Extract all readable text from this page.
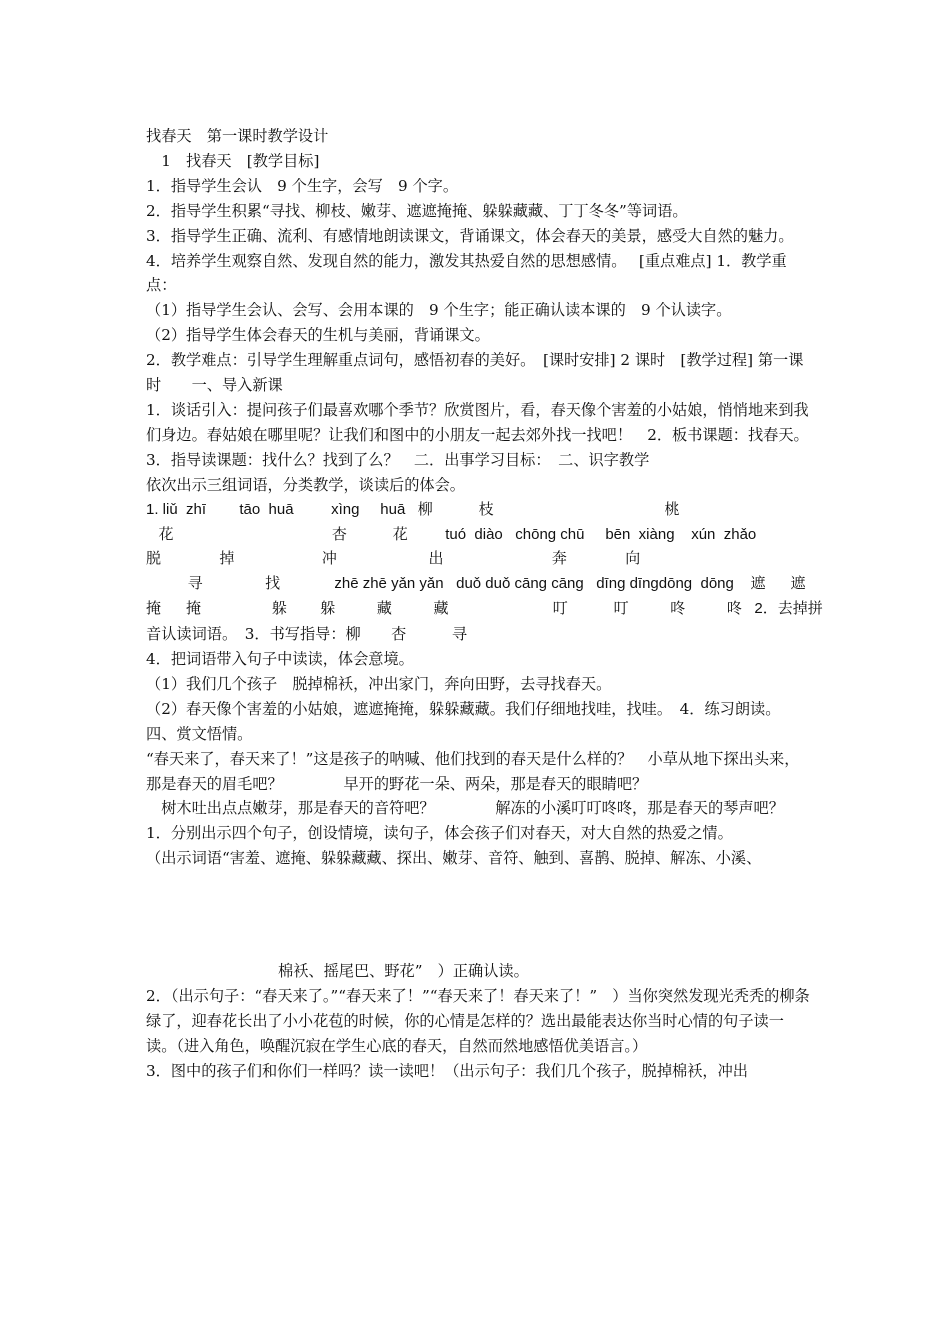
找春天　第一课时教学设计
　1　找春天　[教学目标]
1．指导学生会认　9 个生字，会写　9 个字。
2．指导学生积累“寻找、柳枝、嫩芽、遮遮掩掩、躲躲藏藏、丁丁冬冬”等词语。
3．指导学生正确、流利、有感情地朗读课文，背诵课文，体会春天的美景，感受大自然的魅力。
4．培养学生观察自然、发现自然的能力，激发其热爱自然的思想感情。　 [重点难点] 1．教学重点：
（1）指导学生会认、会写、会用本课的　9 个生字；能正确认读本课的　9 个认读字。
（2）指导学生体会春天的生机与美丽，背诵课文。
2．教学难点：引导学生理解重点词句，感悟初春的美好。　[课时安排] 2 课时　[教学过程] 第一课时　　一、导入新课
1．谈话引入：提问孩子们最喜欢哪个季节？欣赏图片，看，春天像个害羞的小姑娘，悄悄地来到我们身边。春姑娘在哪里呢？让我们和图中的小朋友一起去郊外找一找吧！　2．板书课题：找春天。
3．指导读课题：找什么？找到了么？　二．出事学习目标：　二、识字教学
依次出示三组词语，分类教学，谈读后的体会。
1. liǔ  zhī        tāo  huā         xìng     huā   柳           枝                                         桃
花                                      杏           花         tuó  diào   chōng chū     bēn  xiàng    xún  zhǎo
脱              掉                     冲                      出                          奔              向
寻               找             zhē zhē yǎn yǎn   duǒ duǒ cāng cāng   dīng dīngdōng  dōng    遮      遮
掩      掩                 躲        躲          藏          藏                         叮           叮          咚          咚   2．去掉拼
音认读词语。　3．书写指导：柳　　杏　　　寻
4．把词语带入句子中读读，体会意境。
（1）我们几个孩子　脱掉棉袄，冲出家门，奔向田野，去寻找春天。
（2）春天像个害羞的小姑娘，遮遮掩掩，躲躲藏藏。我们仔细地找哇，找哇。　4．练习朗读。　四、赏文悟情。
“春天来了，春天来了！”这是孩子的呐喊、他们找到的春天是什么样的？　小草从地下探出头来，那是春天的眉毛吧？　　　　早开的野花一朵、两朵，那是春天的眼睛吧？
　树木吐出点点嫩芽，那是春天的音符吧？　　　　解冻的小溪叮叮咚咚，那是春天的琴声吧？
1．分别出示四个句子，创设情境，读句子，体会孩子们对春天，对大自然的热爱之情。
（出示词语“害羞、遮掩、躲躲藏藏、探出、嫩芽、音符、触到、喜鹊、脱掉、解冻、小溪、
棉袄、摇尾巴、野花”　）正确认读。
2．（出示句子：“春天来了。”“春天来了！”“春天来了！春天来了！”　）当你突然发现光秃秃的柳条绿了，迎春花长出了小小花苞的时候，你的心情是怎样的？选出最能表达你当时心情的句子读一读。（进入角色，唤醒沉寂在学生心底的春天，自然而然地感悟优美语言。）
3．图中的孩子们和你们一样吗？读一读吧！（出示句子：我们几个孩子，脱掉棉袄，冲出
